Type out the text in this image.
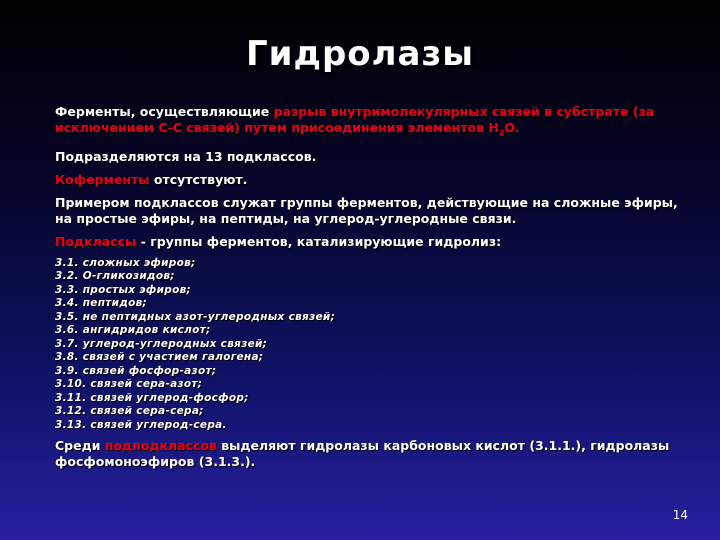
Гидролазы

Ферменты, осуществляющие разрыв внутримолекулярных связей в субстрате (за исключением С-С связей) путем присоединения элементов $Н_2О$.

Подразделяются на 13 подклассов.

Коферменты отсутствуют.

Примером подклассов служат группы ферментов, действующие на сложные эфиры, на простые эфиры, на пептиды, на углерод-углеродные связи.

Подклассы - группы ферментов, катализирующие гидролиз:

3.1. сложных эфиров;
3.2. О-гликозидов;
3.3. простых эфиров;
3.4. пептидов;
3.5. не пептидных азот-углеродных связей;
3.6. ангидридов кислот;
3.7. углерод-углеродных связей;
3.8. связей с участием галогена;
3.9. связей фосфор-азот;
3.10. связей сера-азот;
3.11. связей углерод-фосфор;
3.12. связей сера-сера;
3.13. связей углерод-сера.

Среди подподклассов выделяют гидролазы карбоновых кислот (3.1.1.), гидролазы фосфомоноэфиров (3.1.3.).

14
